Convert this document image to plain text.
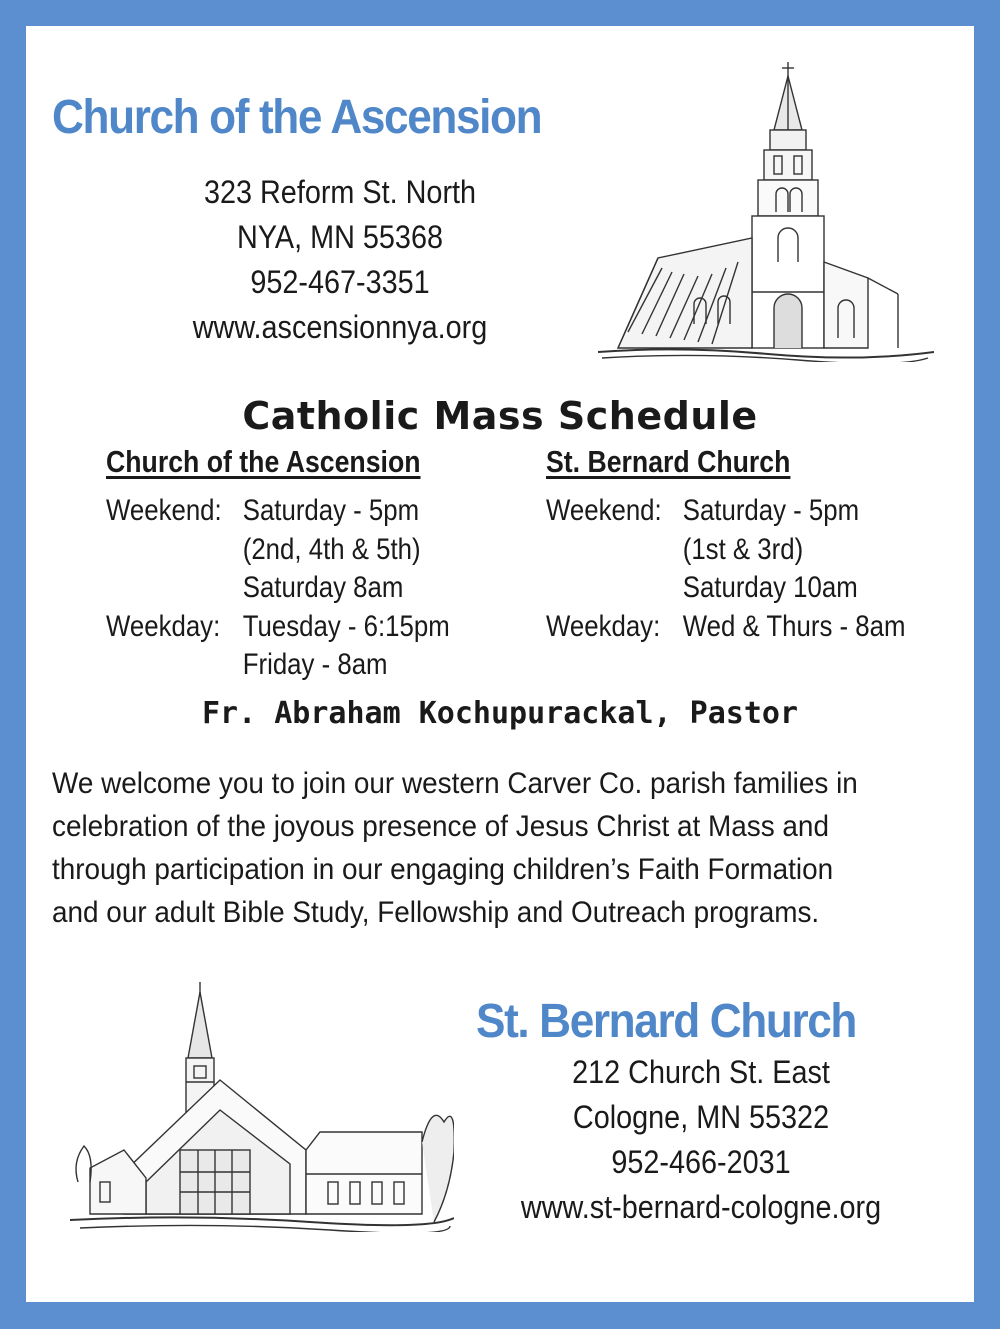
Church of the Ascension
323 Reform St. North
NYA, MN 55368
952-467-3351
www.ascensionnya.org
Catholic Mass Schedule
Church of the Ascension	St. Bernard Church
Weekend: Saturday - 5pm
(2nd, 4th & 5th)
Saturday 8am
Weekday: Tuesday - 6:15pm
Friday - 8am
Weekend: Saturday - 5pm
(1st & 3rd)
Saturday 10am
Weekday: Wed & Thurs - 8am
Fr. Abraham Kochupurackal, Pastor
We welcome you to join our western Carver Co. parish families in
celebration of the joyous presence of Jesus Christ at Mass and
through participation in our engaging children’s Faith Formation
and our adult Bible Study, Fellowship and Outreach programs.
St. Bernard Church
212 Church St. East
Cologne, MN 55322
952-466-2031
www.st-bernard-cologne.org
